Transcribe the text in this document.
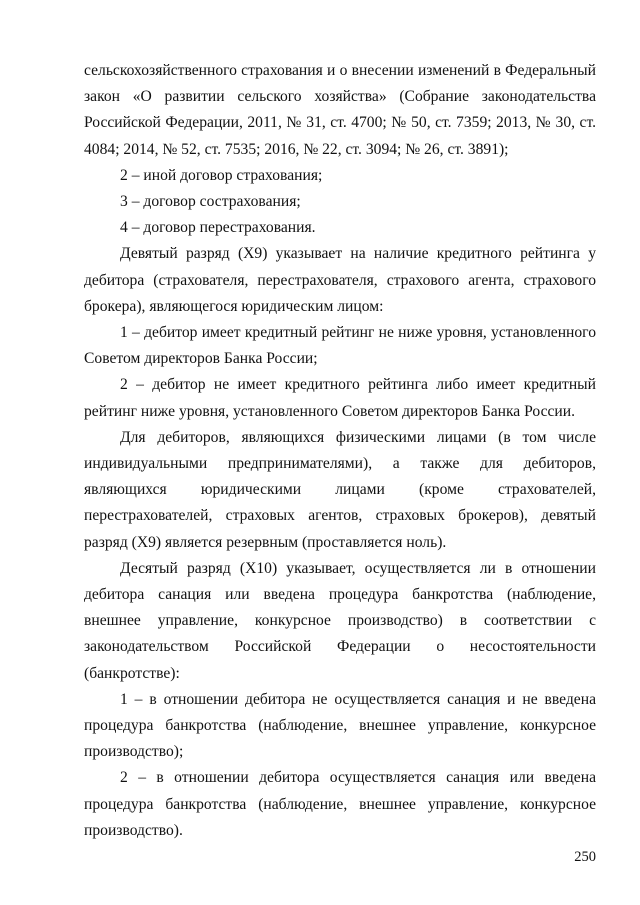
сельскохозяйственного страхования и о внесении изменений в Федеральный закон «О развитии сельского хозяйства» (Собрание законодательства Российской Федерации, 2011, № 31, ст. 4700; № 50, ст. 7359; 2013, № 30, ст. 4084; 2014, № 52, ст. 7535; 2016, № 22, ст. 3094; № 26, ст. 3891);

2 – иной договор страхования;

3 – договор сострахования;

4 – договор перестрахования.

Девятый разряд (X9) указывает на наличие кредитного рейтинга у дебитора (страхователя, перестрахователя, страхового агента, страхового брокера), являющегося юридическим лицом:

1 – дебитор имеет кредитный рейтинг не ниже уровня, установленного Советом директоров Банка России;

2 – дебитор не имеет кредитного рейтинга либо имеет кредитный рейтинг ниже уровня, установленного Советом директоров Банка России.

Для дебиторов, являющихся физическими лицами (в том числе индивидуальными предпринимателями), а также для дебиторов, являющихся юридическими лицами (кроме страхователей, перестрахователей, страховых агентов, страховых брокеров), девятый разряд (X9) является резервным (проставляется ноль).

Десятый разряд (X10) указывает, осуществляется ли в отношении дебитора санация или введена процедура банкротства (наблюдение, внешнее управление, конкурсное производство) в соответствии с законодательством Российской Федерации о несостоятельности (банкротстве):

1 – в отношении дебитора не осуществляется санация и не введена процедура банкротства (наблюдение, внешнее управление, конкурсное производство);

2 – в отношении дебитора осуществляется санация или введена процедура банкротства (наблюдение, внешнее управление, конкурсное производство).

250
